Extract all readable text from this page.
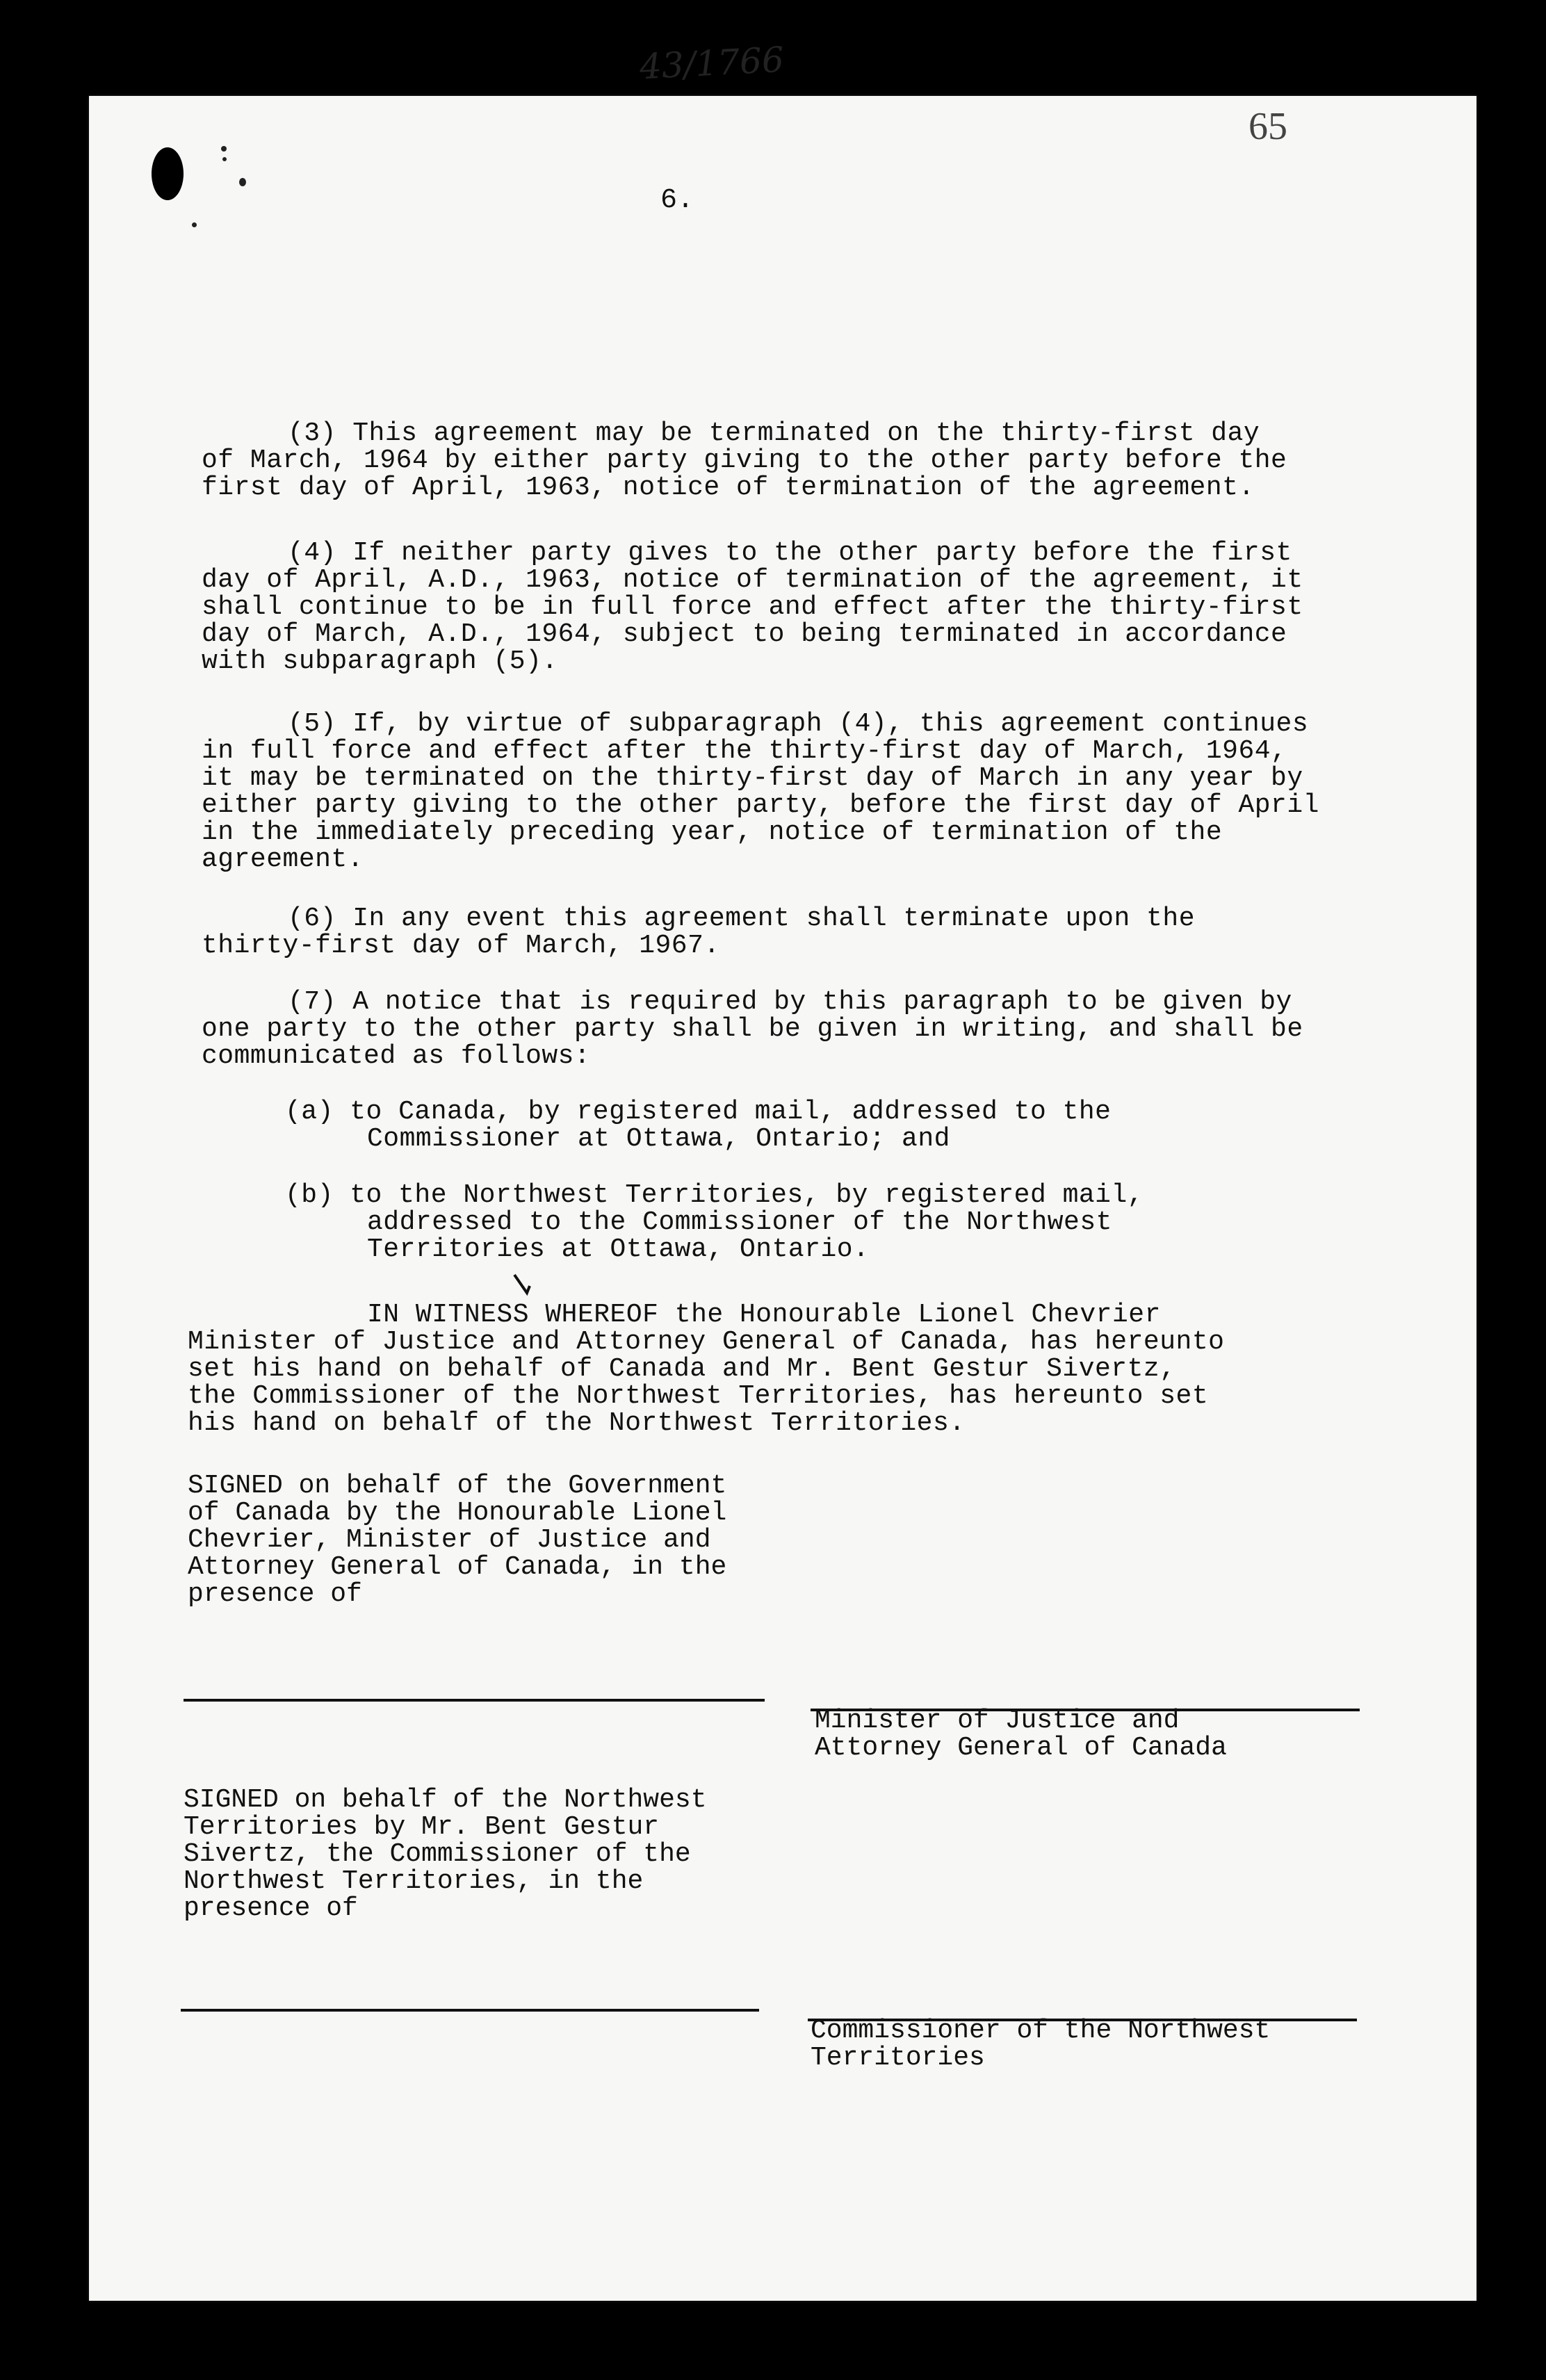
43/1766
65
6.
(3) This agreement may be terminated on the thirty-first day
of March, 1964 by either party giving to the other party before the
first day of April, 1963, notice of termination of the agreement.
(4) If neither party gives to the other party before the first
day of April, A.D., 1963, notice of termination of the agreement, it
shall continue to be in full force and effect after the thirty-first
day of March, A.D., 1964, subject to being terminated in accordance
with subparagraph (5).
(5) If, by virtue of subparagraph (4), this agreement continues
in full force and effect after the thirty-first day of March, 1964,
it may be terminated on the thirty-first day of March in any year by
either party giving to the other party, before the first day of April
in the immediately preceding year, notice of termination of the
agreement.
(6) In any event this agreement shall terminate upon the
thirty-first day of March, 1967.
(7) A notice that is required by this paragraph to be given by
one party to the other party shall be given in writing, and shall be
communicated as follows:
(a) to Canada, by registered mail, addressed to the
Commissioner at Ottawa, Ontario; and
(b) to the Northwest Territories, by registered mail,
addressed to the Commissioner of the Northwest
Territories at Ottawa, Ontario.
IN WITNESS WHEREOF the Honourable Lionel Chevrier
Minister of Justice and Attorney General of Canada, has hereunto
set his hand on behalf of Canada and Mr. Bent Gestur Sivertz,
the Commissioner of the Northwest Territories, has hereunto set
his hand on behalf of the Northwest Territories.
SIGNED on behalf of the Government
of Canada by the Honourable Lionel
Chevrier, Minister of Justice and
Attorney General of Canada, in the
presence of
Minister of Justice and
Attorney General of Canada
SIGNED on behalf of the Northwest
Territories by Mr. Bent Gestur
Sivertz, the Commissioner of the
Northwest Territories, in the
presence of
Commissioner of the Northwest
Territories
